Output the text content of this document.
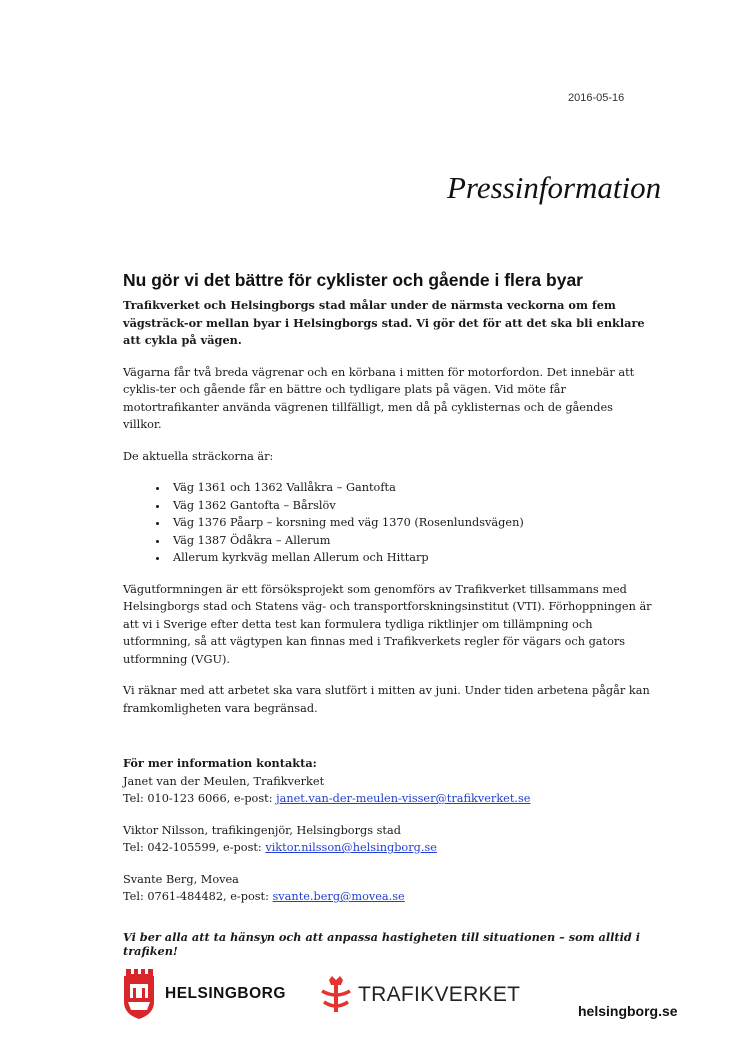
2016-05-16
Pressinformation
Nu gör vi det bättre för cyklister och gående i flera byar
Trafikverket och Helsingborgs stad målar under de närmsta veckorna om fem vägsträck-or mellan byar i Helsingborgs stad. Vi gör det för att det ska bli enklare att cykla på vägen.

Vägarna får två breda vägrenar och en körbana i mitten för motorfordon. Det innebär att cyklis-ter och gående får en bättre och tydligare plats på vägen. Vid möte får motortrafikanter använda vägrenen tillfälligt, men då på cyklisternas och de gåendes villkor.

De aktuella sträckorna är:

• Väg 1361 och 1362 Vallåkra – Gantofta
• Väg 1362 Gantofta – Bårslöv
• Väg 1376 Påarp – korsning med väg 1370 (Rosenlundsvägen)
• Väg 1387 Ödåkra – Allerum
• Allerum kyrkväg mellan Allerum och Hittarp

Vägutformningen är ett försöksprojekt som genomförs av Trafikverket tillsammans med Helsingborgs stad och Statens väg- och transportforskningsinstitut (VTI). Förhoppningen är att vi i Sverige efter detta test kan formulera tydliga riktlinjer om tillämpning och utformning, så att vägtypen kan finnas med i Trafikverkets regler för vägars och gators utformning (VGU).

Vi räknar med att arbetet ska vara slutfört i mitten av juni. Under tiden arbetena pågår kan framkomligheten vara begränsad.

För mer information kontakta:
Janet van der Meulen, Trafikverket
Tel: 010-123 6066, e-post: janet.van-der-meulen-visser@trafikverket.se
Viktor Nilsson, trafikingenjör, Helsingborgs stad
Tel: 042-105599, e-post: viktor.nilsson@helsingborg.se
Svante Berg, Movea
Tel: 0761-484482, e-post: svante.berg@movea.se
Vi ber alla att ta hänsyn och att anpassa hastigheten till situationen – som alltid i trafiken!
HELSINGBORG	TRAFIKVERKET
helsingborg.se
